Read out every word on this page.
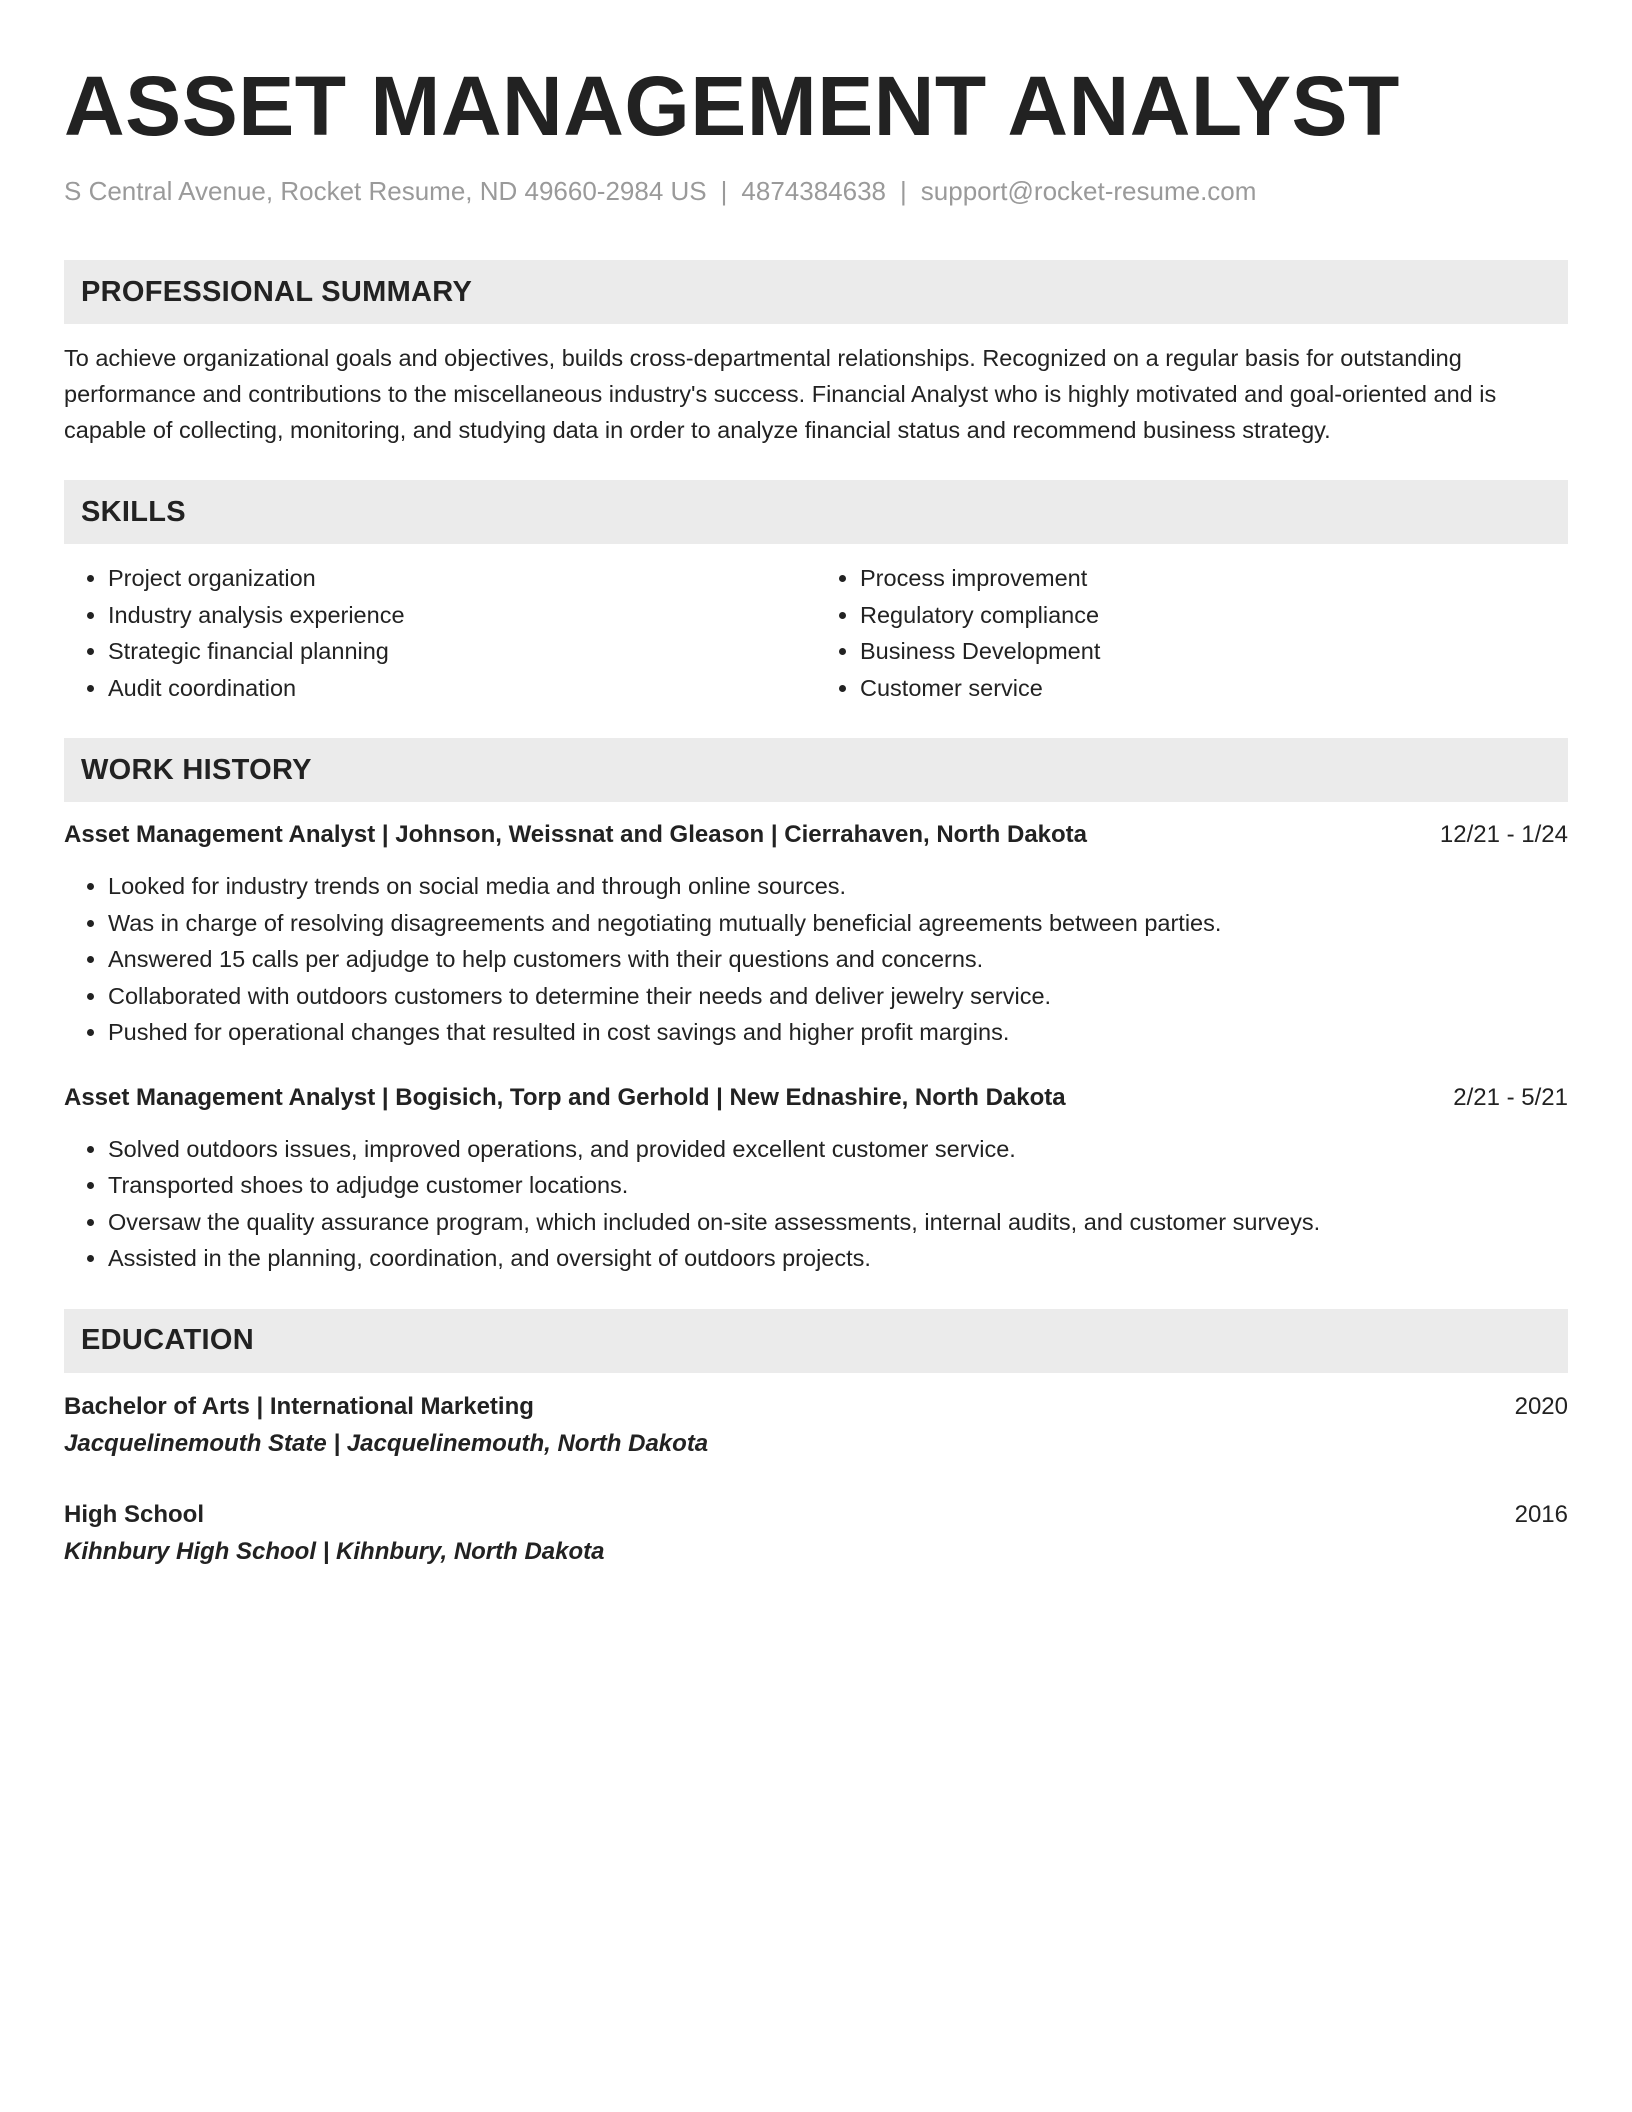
ASSET MANAGEMENT ANALYST
S Central Avenue, Rocket Resume, ND 49660-2984 US | 4874384638 | support@rocket-resume.com
PROFESSIONAL SUMMARY
To achieve organizational goals and objectives, builds cross-departmental relationships. Recognized on a regular basis for outstanding performance and contributions to the miscellaneous industry's success. Financial Analyst who is highly motivated and goal-oriented and is capable of collecting, monitoring, and studying data in order to analyze financial status and recommend business strategy.
SKILLS
• Project organization
• Industry analysis experience
• Strategic financial planning
• Audit coordination
• Process improvement
• Regulatory compliance
• Business Development
• Customer service
WORK HISTORY
Asset Management Analyst | Johnson, Weissnat and Gleason | Cierrahaven, North Dakota	12/21 - 1/24
• Looked for industry trends on social media and through online sources.
• Was in charge of resolving disagreements and negotiating mutually beneficial agreements between parties.
• Answered 15 calls per adjudge to help customers with their questions and concerns.
• Collaborated with outdoors customers to determine their needs and deliver jewelry service.
• Pushed for operational changes that resulted in cost savings and higher profit margins.
Asset Management Analyst | Bogisich, Torp and Gerhold | New Ednashire, North Dakota	2/21 - 5/21
• Solved outdoors issues, improved operations, and provided excellent customer service.
• Transported shoes to adjudge customer locations.
• Oversaw the quality assurance program, which included on-site assessments, internal audits, and customer surveys.
• Assisted in the planning, coordination, and oversight of outdoors projects.
EDUCATION
Bachelor of Arts | International Marketing	2020
Jacquelinemouth State | Jacquelinemouth, North Dakota
High School	2016
Kihnbury High School | Kihnbury, North Dakota
